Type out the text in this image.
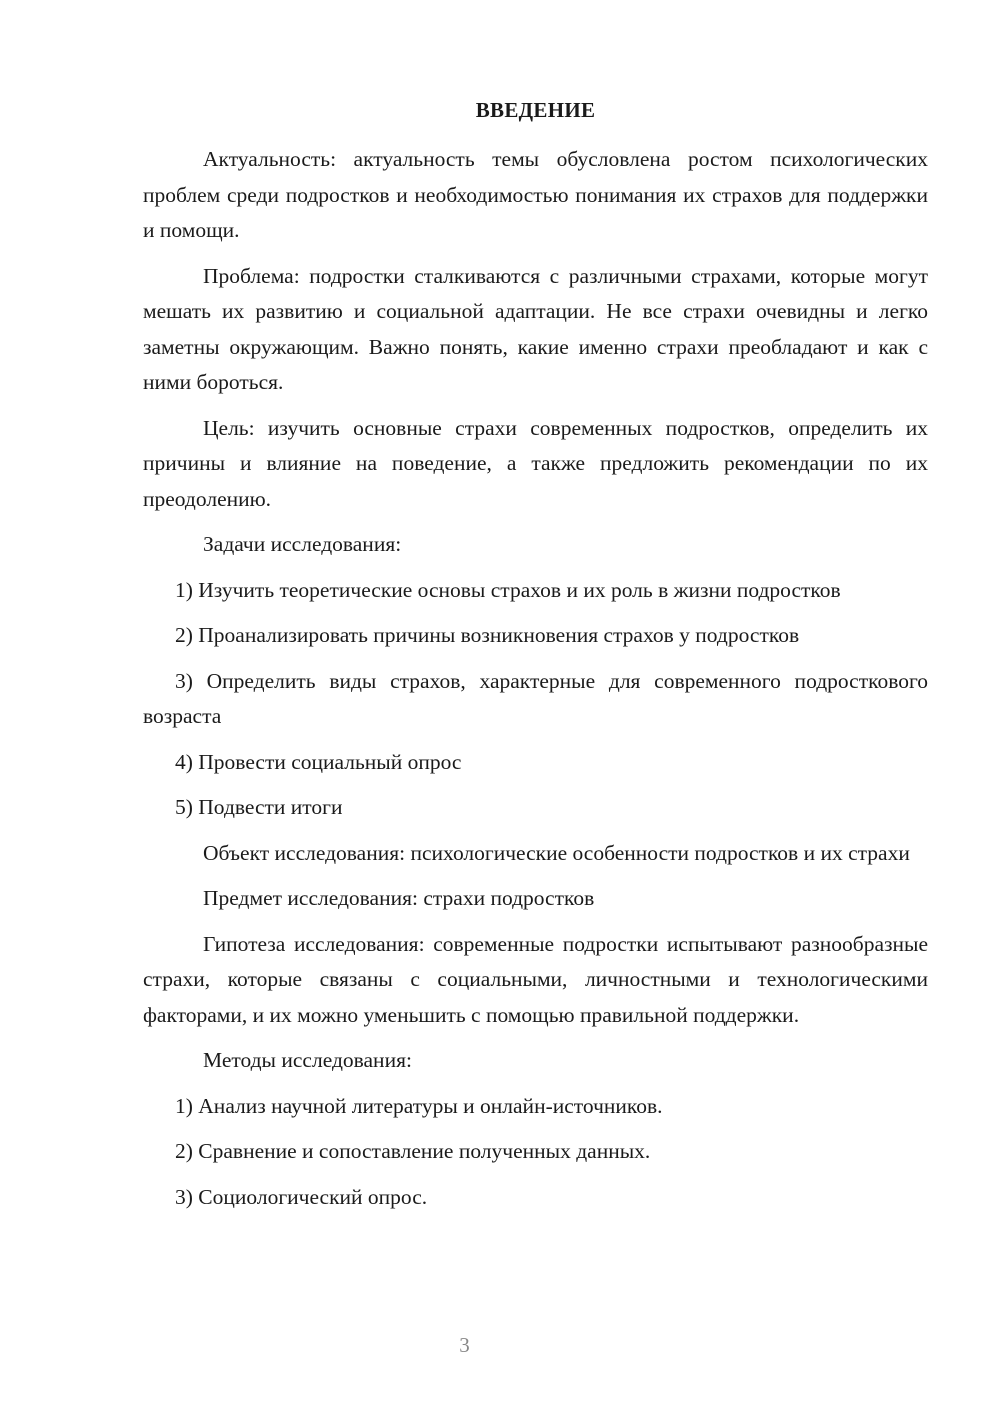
ВВЕДЕНИЕ

Актуальность: актуальность темы обусловлена ростом психологических проблем среди подростков и необходимостью понимания их страхов для поддержки и помощи.

Проблема: подростки сталкиваются с различными страхами, которые могут мешать их развитию и социальной адаптации. Не все страхи очевидны и легко заметны окружающим. Важно понять, какие именно страхи преобладают и как с ними бороться.

Цель: изучить основные страхи современных подростков, определить их причины и влияние на поведение, а также предложить рекомендации по их преодолению.

Задачи исследования:

1) Изучить теоретические основы страхов и их роль в жизни подростков

2) Проанализировать причины возникновения страхов у подростков

3) Определить виды страхов, характерные для современного подросткового возраста

4) Провести социальный опрос

5) Подвести итоги

Объект исследования: психологические особенности подростков и их страхи

Предмет исследования: страхи подростков

Гипотеза исследования: современные подростки испытывают разнообразные страхи, которые связаны с социальными, личностными и технологическими факторами, и их можно уменьшить с помощью правильной поддержки.

Методы исследования:

1) Анализ научной литературы и онлайн-источников.

2) Сравнение и сопоставление полученных данных.

3) Социологический опрос.

3
